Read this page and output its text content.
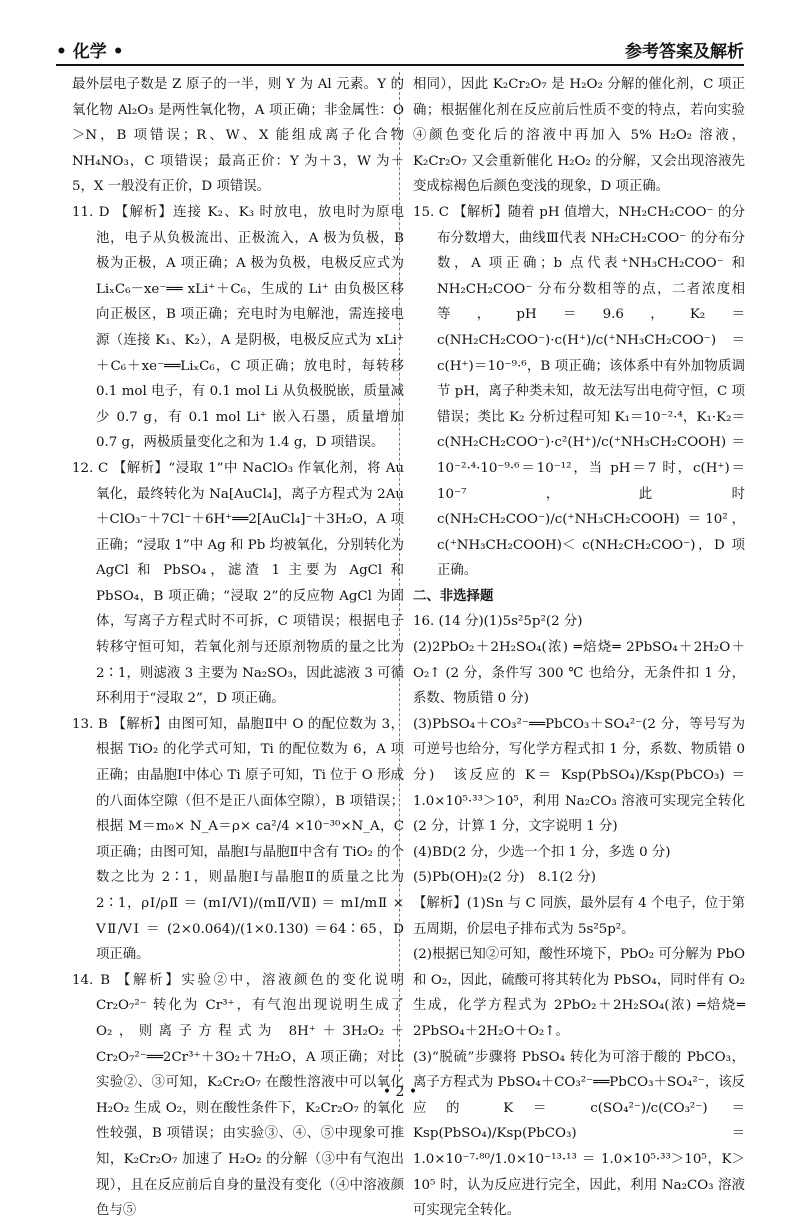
• 化学 •	参考答案及解析

最外层电子数是 Z 原子的一半，则 Y 为 Al 元素。Y 的氧化物 Al₂O₃ 是两性氧化物，A 项正确；非金属性：O＞N，B 项错误；R、W、X 能组成离子化合物 NH₄NO₃，C 项错误；最高正价：Y 为＋3，W 为＋5，X 一般没有正价，D 项错误。

11. D 【解析】连接 K₂、K₃ 时放电，放电时为原电池，电子从负极流出、正极流入，A 极为负极，B 极为正极，A 项正确；A 极为负极，电极反应式为 LiₓC₆－xe⁻══ xLi⁺＋C₆，生成的 Li⁺ 由负极区移向正极区，B 项正确；充电时为电解池，需连接电源（连接 K₁、K₂），A 是阴极，电极反应式为 xLi⁺＋C₆＋xe⁻══LiₓC₆，C 项正确；放电时，每转移 0.1 mol 电子，有 0.1 mol Li 从负极脱嵌，质量减少 0.7 g，有 0.1 mol Li⁺ 嵌入石墨，质量增加 0.7 g，两极质量变化之和为 1.4 g，D 项错误。

12. C 【解析】“浸取 1”中 NaClO₃ 作氧化剂，将 Au 氧化，最终转化为 Na[AuCl₄]，离子方程式为 2Au＋ClO₃⁻＋7Cl⁻＋6H⁺══2[AuCl₄]⁻＋3H₂O，A 项正确；“浸取 1”中 Ag 和 Pb 均被氧化，分别转化为 AgCl 和 PbSO₄，滤渣 1 主要为 AgCl 和 PbSO₄，B 项正确；“浸取 2”的反应物 AgCl 为固体，写离子方程式时不可拆，C 项错误；根据电子转移守恒可知，若氧化剂与还原剂物质的量之比为 2∶1，则滤液 3 主要为 Na₂SO₃，因此滤液 3 可循环利用于“浸取 2”，D 项正确。

13. B 【解析】由图可知，晶胞Ⅱ中 O 的配位数为 3，根据 TiO₂ 的化学式可知，Ti 的配位数为 6，A 项正确；由晶胞Ⅰ中体心 Ti 原子可知，Ti 位于 O 形成的八面体空隙（但不是正八面体空隙），B 项错误；根据 M＝m₀× N_A＝ρ× ca²/4 ×10⁻³⁰×N_A，C 项正确；由图可知，晶胞Ⅰ与晶胞Ⅱ中含有 TiO₂ 的个数之比为 2∶1，则晶胞Ⅰ与晶胞Ⅱ的质量之比为 2∶1，ρⅠ/ρⅡ ＝ (mⅠ/VⅠ)/(mⅡ/VⅡ) ＝ mⅠ/mⅡ × VⅡ/VⅠ ＝ (2×0.064)/(1×0.130) ＝64∶65，D 项正确。

14. B 【解析】实验②中，溶液颜色的变化说明 Cr₂O₇²⁻ 转化为 Cr³⁺，有气泡出现说明生成了 O₂，则离子方程式为 8H⁺＋3H₂O₂＋Cr₂O₇²⁻══2Cr³⁺＋3O₂＋7H₂O，A 项正确；对比实验②、③可知，K₂Cr₂O₇ 在酸性溶液中可以氧化 H₂O₂ 生成 O₂，则在酸性条件下，K₂Cr₂O₇ 的氧化性较强，B 项错误；由实验③、④、⑤中现象可推知，K₂Cr₂O₇ 加速了 H₂O₂ 的分解（③中有气泡出现），且在反应前后自身的量没有变化（④中溶液颜色与⑤

相同），因此 K₂Cr₂O₇ 是 H₂O₂ 分解的催化剂，C 项正确；根据催化剂在反应前后性质不变的特点，若向实验④颜色变化后的溶液中再加入 5% H₂O₂ 溶液，K₂Cr₂O₇ 又会重新催化 H₂O₂ 的分解，又会出现溶液先变成棕褐色后颜色变浅的现象，D 项正确。

15. C 【解析】随着 pH 值增大，NH₂CH₂COO⁻ 的分布分数增大，曲线Ⅲ代表 NH₂CH₂COO⁻ 的分布分数，A 项正确；b 点代表⁺NH₃CH₂COO⁻ 和 NH₂CH₂COO⁻ 分布分数相等的点，二者浓度相等，pH＝9.6，K₂＝ c(NH₂CH₂COO⁻)·c(H⁺)/c(⁺NH₃CH₂COO⁻) ＝c(H⁺)＝10⁻⁹·⁶，B 项正确；该体系中有外加物质调节 pH，离子种类未知，故无法写出电荷守恒，C 项错误；类比 K₂ 分析过程可知 K₁＝10⁻²·⁴，K₁·K₂＝ c(NH₂CH₂COO⁻)·c²(H⁺)/c(⁺NH₃CH₂COOH) ＝ 10⁻²·⁴·10⁻⁹·⁶＝10⁻¹²，当 pH＝7 时，c(H⁺)＝10⁻⁷，此时 c(NH₂CH₂COO⁻)/c(⁺NH₃CH₂COOH) ＝10²，c(⁺NH₃CH₂COOH)＜ c(NH₂CH₂COO⁻)，D 项正确。

二、非选择题

16. (14 分)(1)5s²5p²(2 分)

(2)2PbO₂＋2H₂SO₄(浓) ═焙烧═ 2PbSO₄＋2H₂O＋O₂↑ (2 分，条件写 300 ℃ 也给分，无条件扣 1 分，系数、物质错 0 分)

(3)PbSO₄＋CO₃²⁻══PbCO₃＋SO₄²⁻(2 分，等号写为可逆号也给分，写化学方程式扣 1 分，系数、物质错 0 分)　该反应的 K＝ Ksp(PbSO₄)/Ksp(PbCO₃) ＝1.0×10⁵·³³＞10⁵，利用 Na₂CO₃ 溶液可实现完全转化(2 分，计算 1 分，文字说明 1 分)

(4)BD(2 分，少选一个扣 1 分，多选 0 分)

(5)Pb(OH)₂(2 分)　8.1(2 分)

【解析】(1)Sn 与 C 同族，最外层有 4 个电子，位于第五周期，价层电子排布式为 5s²5p²。

(2)根据已知②可知，酸性环境下，PbO₂ 可分解为 PbO 和 O₂，因此，硫酸可将其转化为 PbSO₄，同时伴有 O₂ 生成，化学方程式为 2PbO₂＋2H₂SO₄(浓) ═焙烧═ 2PbSO₄＋2H₂O＋O₂↑。

(3)“脱硫”步骤将 PbSO₄ 转化为可溶于酸的 PbCO₃，离子方程式为 PbSO₄＋CO₃²⁻══PbCO₃＋SO₄²⁻，该反应的 K＝ c(SO₄²⁻)/c(CO₃²⁻) ＝ Ksp(PbSO₄)/Ksp(PbCO₃) ＝ 1.0×10⁻⁷·⁸⁰/1.0×10⁻¹³·¹³ ＝ 1.0×10⁵·³³＞10⁵，K＞10⁵ 时，认为反应进行完全，因此，利用 Na₂CO₃ 溶液可实现完全转化。

• 2 •
